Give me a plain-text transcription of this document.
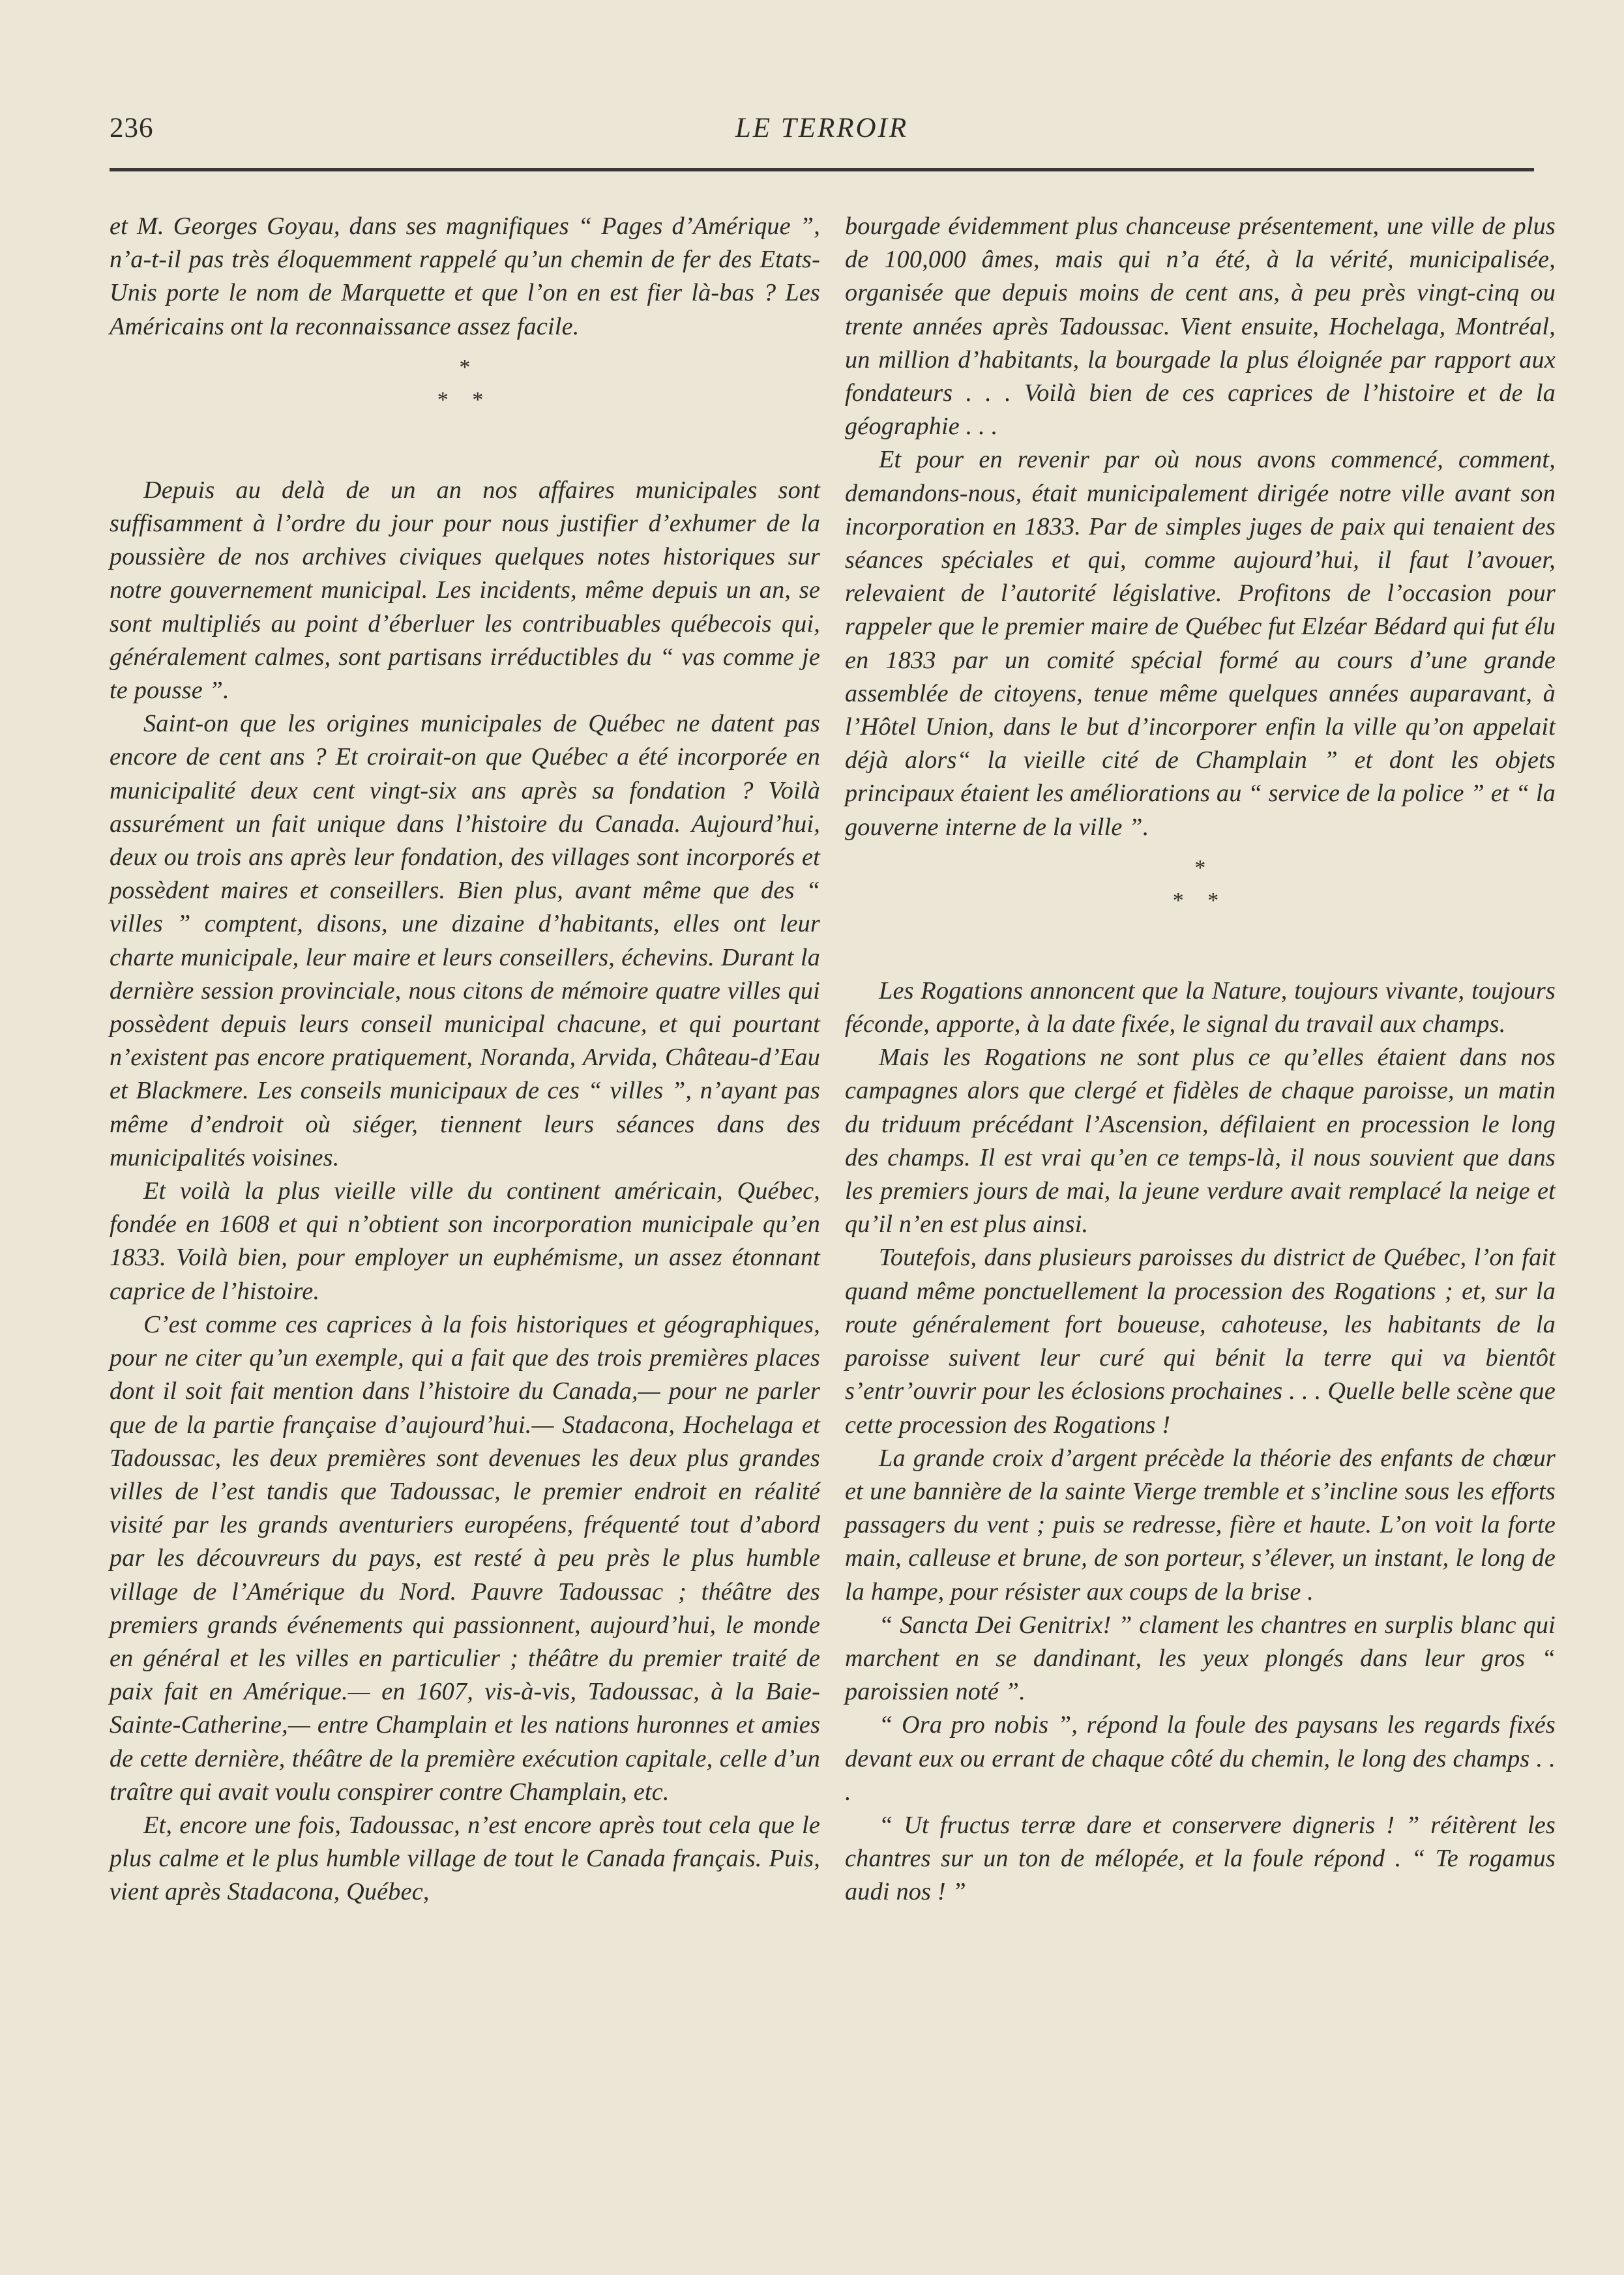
236	LE TERROIR

et M. Georges Goyau, dans ses magnifiques “ Pages d’Amérique ”, n’a-t-il pas très éloquemment rappelé qu’un chemin de fer des Etats-Unis porte le nom de Marquette et que l’on en est fier là-bas ? Les Américains ont la reconnaissance assez facile.

*
* *

Depuis au delà de un an nos affaires municipales sont suffisamment à l’ordre du jour pour nous justifier d’exhumer de la poussière de nos archives civiques quelques notes historiques sur notre gouvernement municipal. Les incidents, même depuis un an, se sont multipliés au point d’éberluer les contribuables québecois qui, généralement calmes, sont partisans irréductibles du “ vas comme je te pousse ”.

Saint-on que les origines municipales de Québec ne datent pas encore de cent ans ? Et croirait-on que Québec a été incorporée en municipalité deux cent vingt-six ans après sa fondation ? Voilà assurément un fait unique dans l’histoire du Canada. Aujourd’hui, deux ou trois ans après leur fondation, des villages sont incorporés et possèdent maires et conseillers. Bien plus, avant même que des “ villes ” comptent, disons, une dizaine d’habitants, elles ont leur charte municipale, leur maire et leurs conseillers, échevins. Durant la dernière session provinciale, nous citons de mémoire quatre villes qui possèdent depuis leurs conseil municipal chacune, et qui pourtant n’existent pas encore pratiquement, Noranda, Arvida, Château-d’Eau et Blackmere. Les conseils municipaux de ces “ villes ”, n’ayant pas même d’endroit où siéger, tiennent leurs séances dans des municipalités voisines.

Et voilà la plus vieille ville du continent américain, Québec, fondée en 1608 et qui n’obtient son incorporation municipale qu’en 1833. Voilà bien, pour employer un euphémisme, un assez étonnant caprice de l’histoire.

C’est comme ces caprices à la fois historiques et géographiques, pour ne citer qu’un exemple, qui a fait que des trois premières places dont il soit fait mention dans l’histoire du Canada,— pour ne parler que de la partie française d’aujourd’hui.— Stadacona, Hochelaga et Tadoussac, les deux premières sont devenues les deux plus grandes villes de l’est tandis que Tadoussac, le premier endroit en réalité visité par les grands aventuriers européens, fréquenté tout d’abord par les découvreurs du pays, est resté à peu près le plus humble village de l’Amérique du Nord. Pauvre Tadoussac ; théâtre des premiers grands événements qui passionnent, aujourd’hui, le monde en général et les villes en particulier ; théâtre du premier traité de paix fait en Amérique.— en 1607, vis-à-vis, Tadoussac, à la Baie-Sainte-Catherine,— entre Champlain et les nations huronnes et amies de cette dernière, théâtre de la première exécution capitale, celle d’un traître qui avait voulu conspirer contre Champlain, etc.

Et, encore une fois, Tadoussac, n’est encore après tout cela que le plus calme et le plus humble village de tout le Canada français. Puis, vient après Stadacona, Québec,

bourgade évidemment plus chanceuse présentement, une ville de plus de 100,000 âmes, mais qui n’a été, à la vérité, municipalisée, organisée que depuis moins de cent ans, à peu près vingt-cinq ou trente années après Tadoussac. Vient ensuite, Hochelaga, Montréal, un million d’habitants, la bourgade la plus éloignée par rapport aux fondateurs . . . Voilà bien de ces caprices de l’histoire et de la géographie . . .

Et pour en revenir par où nous avons commencé, comment, demandons-nous, était municipalement dirigée notre ville avant son incorporation en 1833. Par de simples juges de paix qui tenaient des séances spéciales et qui, comme aujourd’hui, il faut l’avouer, relevaient de l’autorité législative. Profitons de l’occasion pour rappeler que le premier maire de Québec fut Elzéar Bédard qui fut élu en 1833 par un comité spécial formé au cours d’une grande assemblée de citoyens, tenue même quelques années auparavant, à l’Hôtel Union, dans le but d’incorporer enfin la ville qu’on appelait déjà alors“ la vieille cité de Champlain ” et dont les objets principaux étaient les améliorations au “ service de la police ” et “ la gouverne interne de la ville ”.

*
* *

Les Rogations annoncent que la Nature, toujours vivante, toujours féconde, apporte, à la date fixée, le signal du travail aux champs.

Mais les Rogations ne sont plus ce qu’elles étaient dans nos campagnes alors que clergé et fidèles de chaque paroisse, un matin du triduum précédant l’Ascension, défilaient en procession le long des champs. Il est vrai qu’en ce temps-là, il nous souvient que dans les premiers jours de mai, la jeune verdure avait remplacé la neige et qu’il n’en est plus ainsi.

Toutefois, dans plusieurs paroisses du district de Québec, l’on fait quand même ponctuellement la procession des Rogations ; et, sur la route généralement fort boueuse, cahoteuse, les habitants de la paroisse suivent leur curé qui bénit la terre qui va bientôt s’entr’ouvrir pour les éclosions prochaines . . . Quelle belle scène que cette procession des Rogations !

La grande croix d’argent précède la théorie des enfants de chœur et une bannière de la sainte Vierge tremble et s’incline sous les efforts passagers du vent ; puis se redresse, fière et haute. L’on voit la forte main, calleuse et brune, de son porteur, s’élever, un instant, le long de la hampe, pour résister aux coups de la brise .

“ Sancta Dei Genitrix! ” clament les chantres en surplis blanc qui marchent en se dandinant, les yeux plongés dans leur gros “ paroissien noté ”.

“ Ora pro nobis ”, répond la foule des paysans les regards fixés devant eux ou errant de chaque côté du chemin, le long des champs . . .

“ Ut fructus terræ dare et conservere digneris ! ” réitèrent les chantres sur un ton de mélopée, et la foule répond . “ Te rogamus audi nos ! ”
